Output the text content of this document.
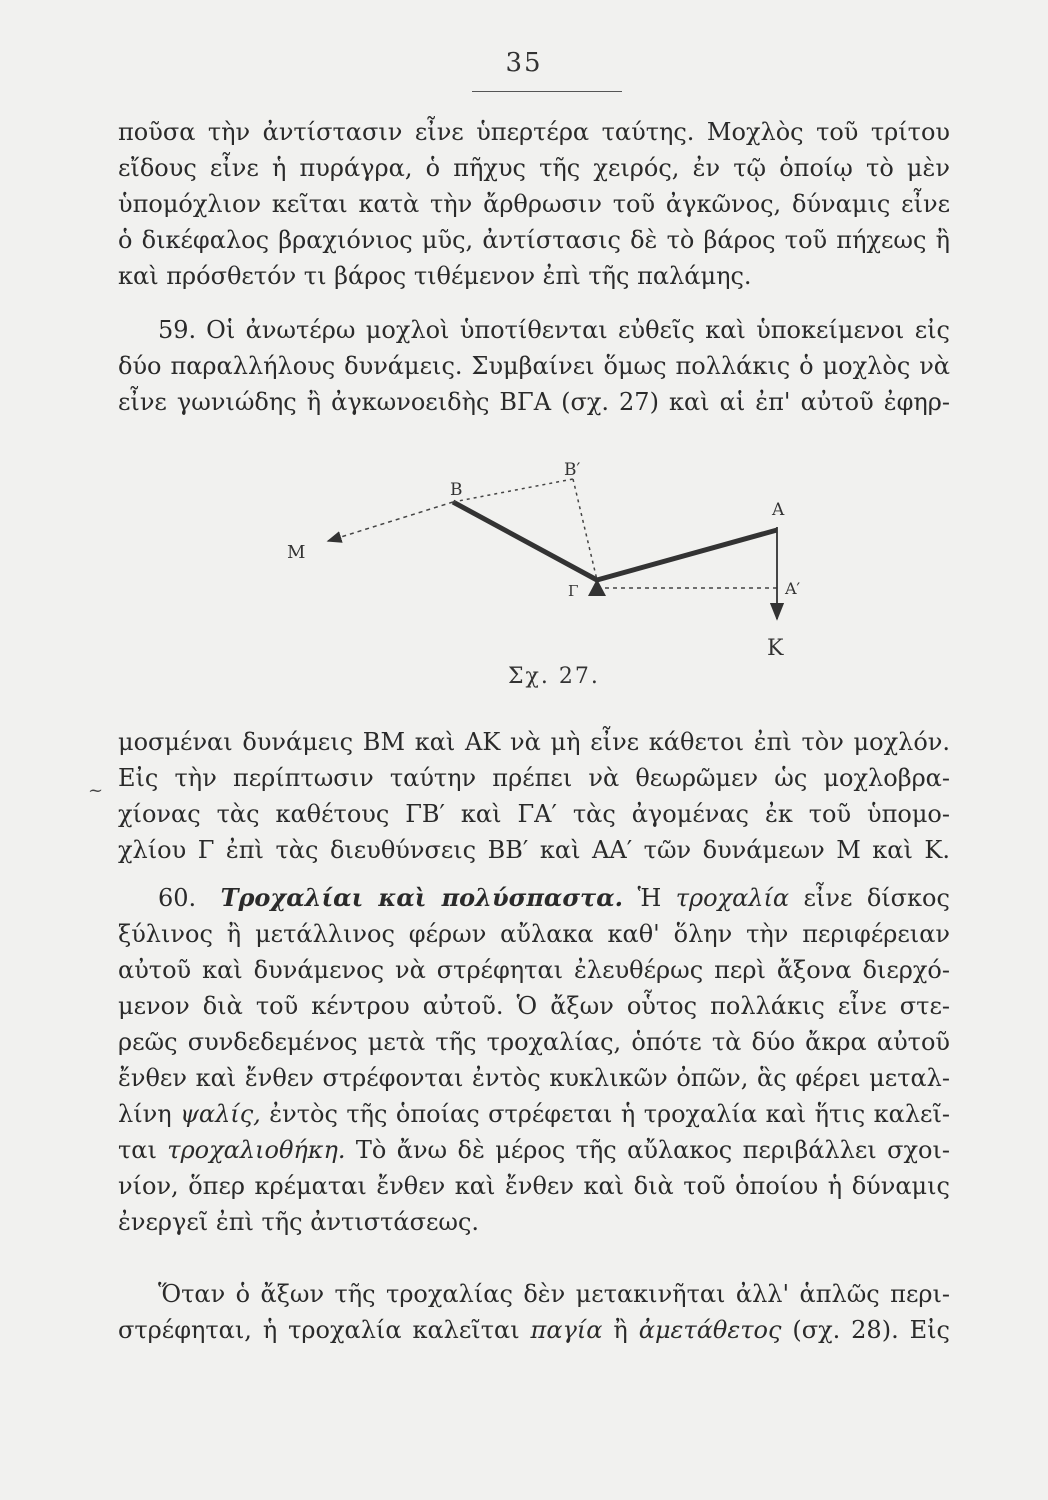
35
ποῦσα τὴν ἀντίστασιν εἶνε ὑπερτέρα ταύτης. Μοχλὸς τοῦ τρίτου
εἴδους εἶνε ἡ πυράγρα, ὁ πῆχυς τῆς χειρός, ἐν τῷ ὁποίῳ τὸ μὲν
ὑπομόχλιον κεῖται κατὰ τὴν ἄρθρωσιν τοῦ ἀγκῶνος, δύναμις εἶνε
ὁ δικέφαλος βραχιόνιος μῦς, ἀντίστασις δὲ τὸ βάρος τοῦ πήχεως ἢ
καὶ πρόσθετόν τι βάρος τιθέμενον ἐπὶ τῆς παλάμης.
59. Οἱ ἀνωτέρω μοχλοὶ ὑποτίθενται εὐθεῖς καὶ ὑποκείμενοι εἰς
δύο παραλλήλους δυνάμεις. Συμβαίνει ὅμως πολλάκις ὁ μοχλὸς νὰ
εἶνε γωνιώδης ἢ ἀγκωνοειδὴς ΒΓΑ (σχ. 27) καὶ αἱ ἐπ' αὐτοῦ ἐφηρ-
Β
Β′
Α
Α′
Μ
Γ
Κ
Σχ. 27.
~
μοσμέναι δυνάμεις ΒΜ καὶ ΑΚ νὰ μὴ εἶνε κάθετοι ἐπὶ τὸν μοχλόν.
Εἰς τὴν περίπτωσιν ταύτην πρέπει νὰ θεωρῶμεν ὡς μοχλοβρα-
χίονας τὰς καθέτους ΓΒ′ καὶ ΓΑ′ τὰς ἀγομένας ἐκ τοῦ ὑπομο-
χλίου Γ ἐπὶ τὰς διευθύνσεις ΒΒ′ καὶ ΑΑ′ τῶν δυνάμεων Μ καὶ Κ.
60. Τροχαλίαι καὶ πολύσπαστα. Ἡ τροχαλία εἶνε δίσκος
ξύλινος ἢ μετάλλινος φέρων αὔλακα καθ' ὅλην τὴν περιφέρειαν
αὐτοῦ καὶ δυνάμενος νὰ στρέφηται ἐλευθέρως περὶ ἄξονα διερχό-
μενον διὰ τοῦ κέντρου αὐτοῦ. Ὁ ἄξων οὗτος πολλάκις εἶνε στε-
ρεῶς συνδεδεμένος μετὰ τῆς τροχαλίας, ὁπότε τὰ δύο ἄκρα αὐτοῦ
ἔνθεν καὶ ἔνθεν στρέφονται ἐντὸς κυκλικῶν ὀπῶν, ἃς φέρει μεταλ-
λίνη ψαλίς, ἐντὸς τῆς ὁποίας στρέφεται ἡ τροχαλία καὶ ἥτις καλεῖ-
ται τροχαλιοθήκη. Τὸ ἄνω δὲ μέρος τῆς αὔλακος περιβάλλει σχοι-
νίον, ὅπερ κρέμαται ἔνθεν καὶ ἔνθεν καὶ διὰ τοῦ ὁποίου ἡ δύναμις
ἐνεργεῖ ἐπὶ τῆς ἀντιστάσεως.
Ὅταν ὁ ἄξων τῆς τροχαλίας δὲν μετακινῆται ἀλλ' ἁπλῶς περι-
στρέφηται, ἡ τροχαλία καλεῖται παγία ἢ ἀμετάθετος (σχ. 28). Εἰς
